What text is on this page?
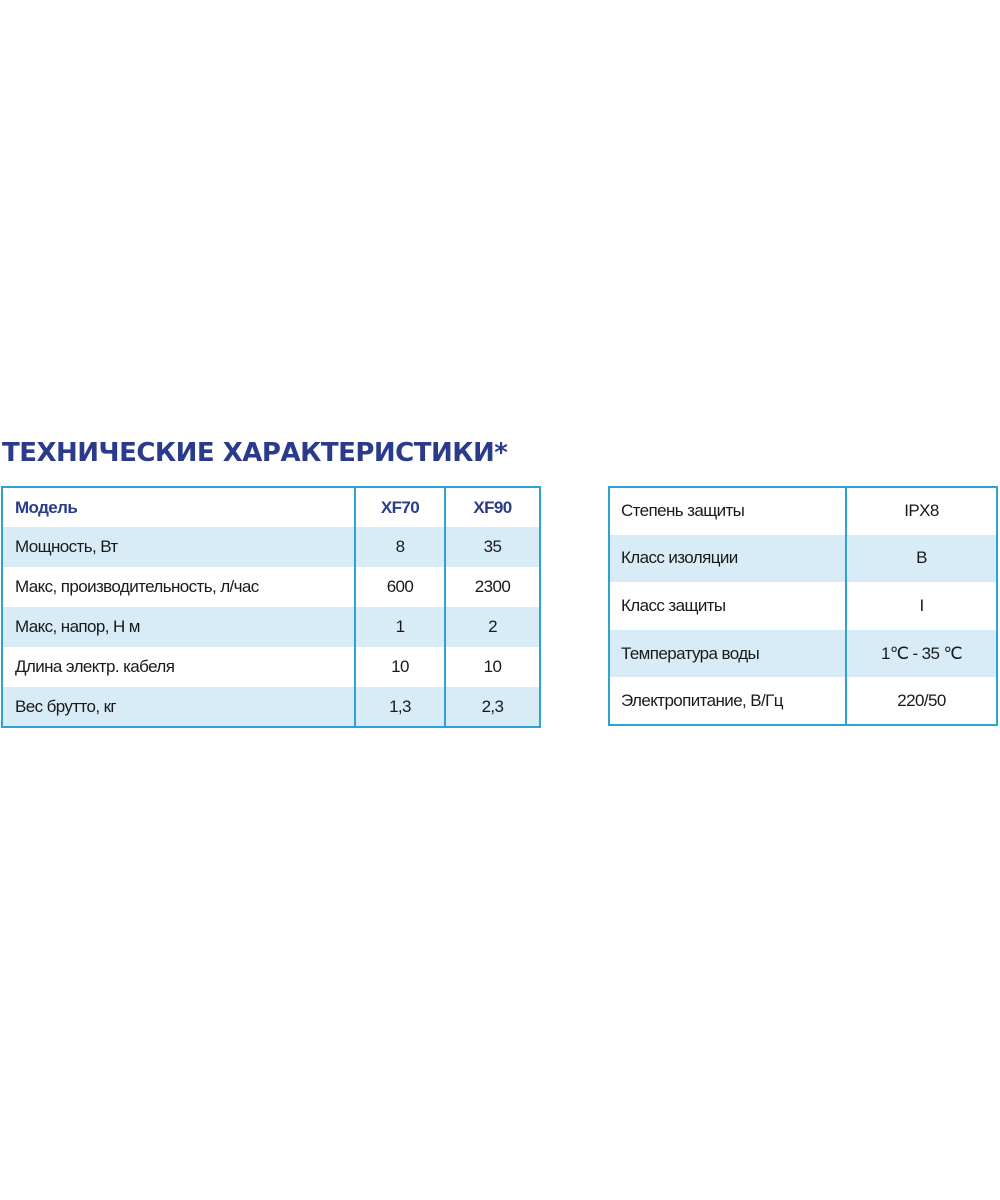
ТЕХНИЧЕСКИЕ ХАРАКТЕРИСТИКИ*
Модель	XF70	XF90
Мощность, Вт	8	35
Макс, производительность, л/час	600	2300
Макс, напор, Н м	1	2
Длина электр. кабеля	10	10
Вес брутто, кг	1,3	2,3
Степень защиты	IPX8
Класс изоляции	B
Класс защиты	I
Температура воды	1℃ - 35 ℃
Электропитание, В/Гц	220/50
